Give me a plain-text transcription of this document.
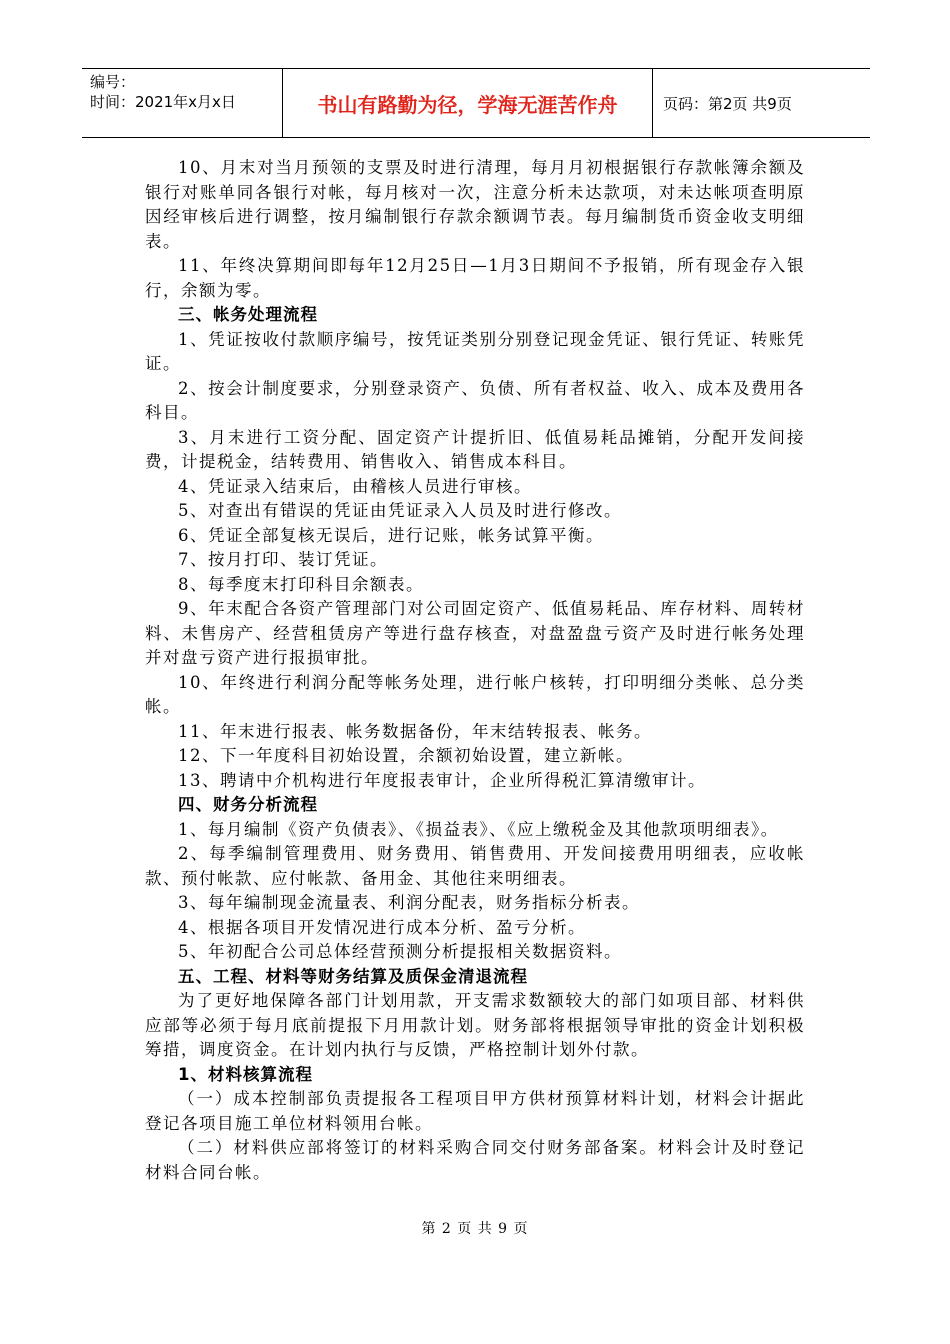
编号：
时间：2021年x月x日	书山有路勤为径，学海无涯苦作舟	页码：第2页 共9页

10、月末对当月预领的支票及时进行清理，每月月初根据银行存款帐簿余额及银行对账单同各银行对帐，每月核对一次，注意分析未达款项，对未达帐项查明原因经审核后进行调整，按月编制银行存款余额调节表。每月编制货币资金收支明细表。

11、年终决算期间即每年12月25日—1月3日期间不予报销，所有现金存入银行，余额为零。

三、帐务处理流程

1、凭证按收付款顺序编号，按凭证类别分别登记现金凭证、银行凭证、转账凭证。

2、按会计制度要求，分别登录资产、负债、所有者权益、收入、成本及费用各科目。

3、月末进行工资分配、固定资产计提折旧、低值易耗品摊销，分配开发间接费，计提税金，结转费用、销售收入、销售成本科目。

4、凭证录入结束后，由稽核人员进行审核。

5、对查出有错误的凭证由凭证录入人员及时进行修改。

6、凭证全部复核无误后，进行记账，帐务试算平衡。

7、按月打印、装订凭证。

8、每季度末打印科目余额表。

9、年末配合各资产管理部门对公司固定资产、低值易耗品、库存材料、周转材料、未售房产、经营租赁房产等进行盘存核查，对盘盈盘亏资产及时进行帐务处理并对盘亏资产进行报损审批。

10、年终进行利润分配等帐务处理，进行帐户核转，打印明细分类帐、总分类帐。

11、年末进行报表、帐务数据备份，年末结转报表、帐务。

12、下一年度科目初始设置，余额初始设置，建立新帐。

13、聘请中介机构进行年度报表审计，企业所得税汇算清缴审计。

四、财务分析流程

1、每月编制《资产负债表》、《损益表》、《应上缴税金及其他款项明细表》。

2、每季编制管理费用、财务费用、销售费用、开发间接费用明细表，应收帐款、预付帐款、应付帐款、备用金、其他往来明细表。

3、每年编制现金流量表、利润分配表，财务指标分析表。

4、根据各项目开发情况进行成本分析、盈亏分析。

5、年初配合公司总体经营预测分析提报相关数据资料。

五、工程、材料等财务结算及质保金清退流程

为了更好地保障各部门计划用款，开支需求数额较大的部门如项目部、材料供应部等必须于每月底前提报下月用款计划。财务部将根据领导审批的资金计划积极筹措，调度资金。在计划内执行与反馈，严格控制计划外付款。

1、材料核算流程

（一）成本控制部负责提报各工程项目甲方供材预算材料计划，材料会计据此登记各项目施工单位材料领用台帐。

（二）材料供应部将签订的材料采购合同交付财务部备案。材料会计及时登记材料合同台帐。

第 2 页 共 9 页
